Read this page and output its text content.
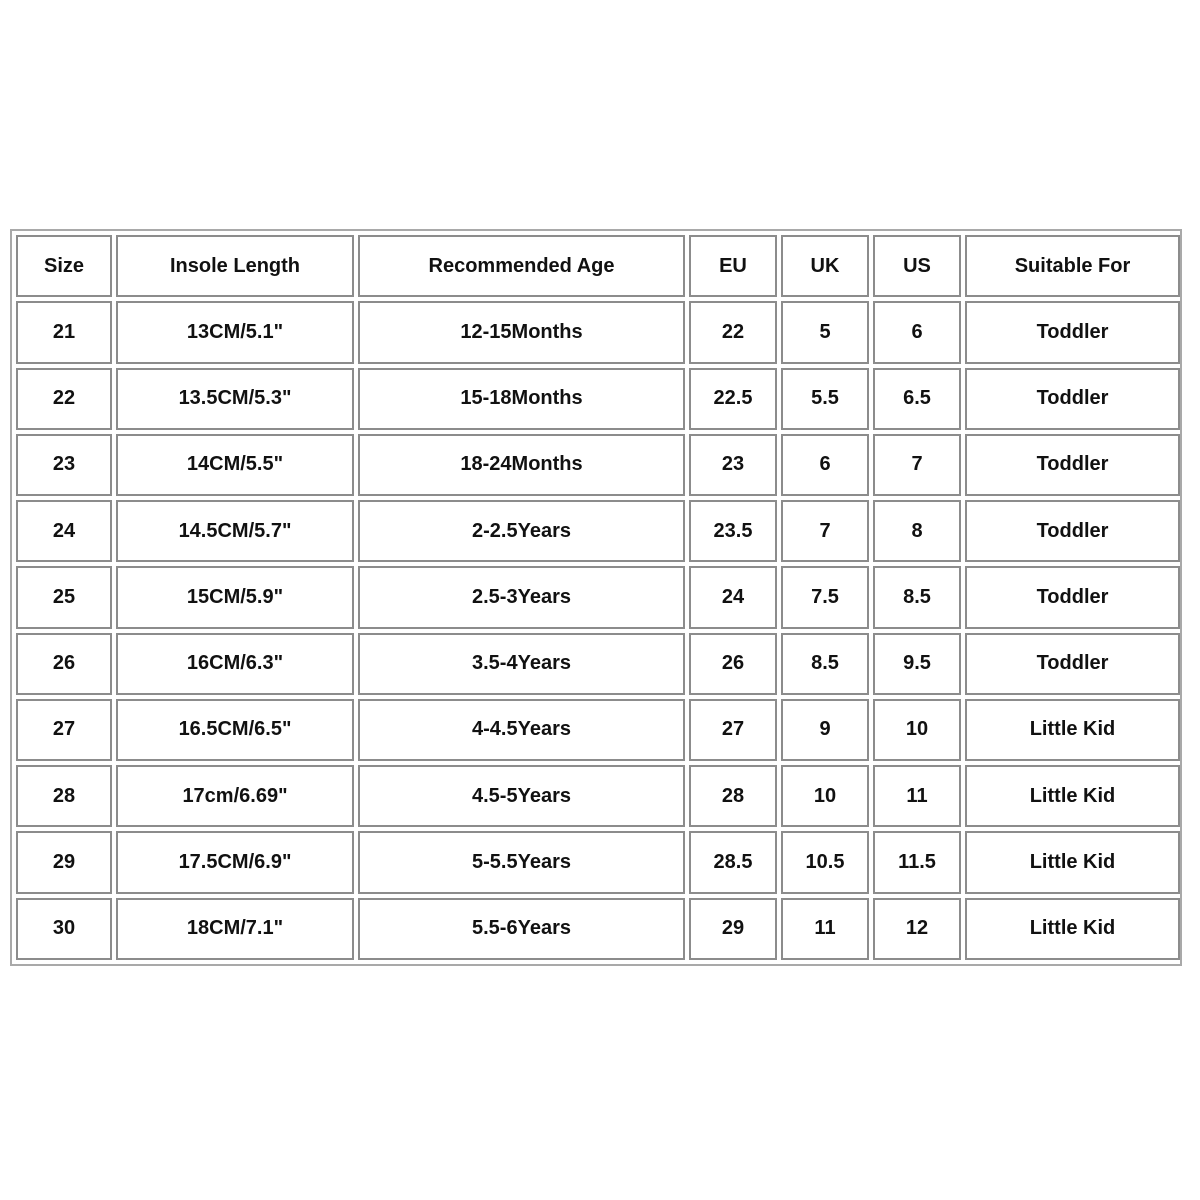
Size	Insole Length	Recommended Age	EU	UK	US	Suitable For
21	13CM/5.1"	12-15Months	22	5	6	Toddler
22	13.5CM/5.3"	15-18Months	22.5	5.5	6.5	Toddler
23	14CM/5.5"	18-24Months	23	6	7	Toddler
24	14.5CM/5.7"	2-2.5Years	23.5	7	8	Toddler
25	15CM/5.9"	2.5-3Years	24	7.5	8.5	Toddler
26	16CM/6.3"	3.5-4Years	26	8.5	9.5	Toddler
27	16.5CM/6.5"	4-4.5Years	27	9	10	Little Kid
28	17cm/6.69"	4.5-5Years	28	10	11	Little Kid
29	17.5CM/6.9"	5-5.5Years	28.5	10.5	11.5	Little Kid
30	18CM/7.1"	5.5-6Years	29	11	12	Little Kid
